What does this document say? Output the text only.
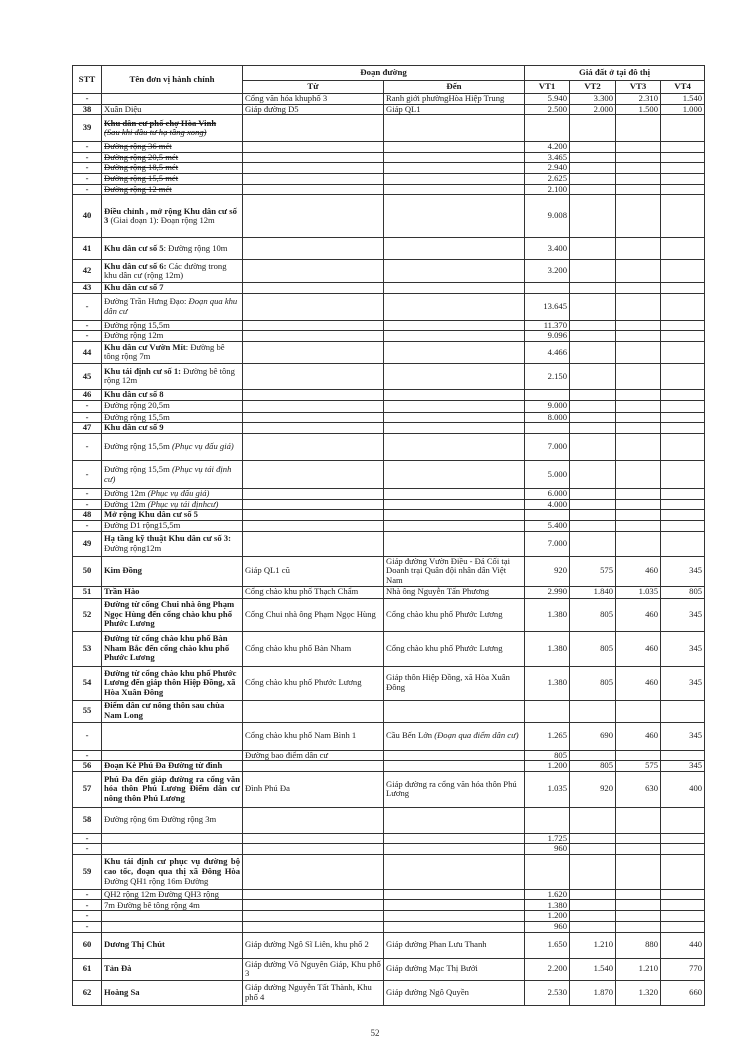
STT	Tên đơn vị hành chính	Đoạn đường		Giá đất ở tại đô thị			
		Từ	Đến	VT1	VT2	VT3	VT4
-		Cổng văn hóa khuphố 3	Ranh giới phườngHòa Hiệp Trung	5.940	3.300	2.310	1.540
38	Xuân Diệu	Giáp đường D5	Giáp QL1	2.500	2.000	1.500	1.000
39	Khu dân cư phố chợ Hòa Vinh
(Sau khi đầu tư hạ tầng xong)						
-	Đường rộng 36 mét			4.200			
-	Đường rộng 20,5 mét			3.465			
-	Đường rộng 18,5 mét			2.940			
-	Đường rộng 15,5 mét			2.625			
-	Đường rộng 12 mét			2.100			
40	Điều chỉnh , mở rộng Khu dân cư số 3 (Giai đoạn 1): Đoạn rộng 12m			9.008			
41	Khu dân cư số 5: Đường rộng 10m			3.400			
42	Khu dân cư số 6: Các đường trong khu dân cư (rộng 12m)			3.200			
43	Khu dân cư số 7						
-	Đường Trần Hưng Đạo: Đoạn qua khu dân cư			13.645			
-	Đường rộng 15,5m			11.370			
-	Đường rộng 12m			9.096			
44	Khu dân cư Vườn Mít: Đường bê tông rộng 7m			4.466			
45	Khu tái định cư số 1: Đường bê tông rộng 12m			2.150			
46	Khu dân cư số 8						
-	Đường rộng 20,5m			9.000			
-	Đường rộng 15,5m			8.000			
47	Khu dân cư số 9						
-	Đường rộng 15,5m (Phục vụ đấu giá)			7.000			
-	Đường rộng 15,5m (Phục vụ tái định cư)			5.000			
-	Đường 12m (Phục vụ đấu giá)			6.000			
-	Đường 12m (Phục vụ tái địnhcư)			4.000			
48	Mở rộng Khu dân cư số 5						
-	Đường D1 rộng15,5m			5.400			
49	Hạ tầng kỹ thuật Khu dân cư số 3: Đường rộng12m			7.000			
50	Kim Đồng	Giáp QL1 cũ	Giáp đường Vườn Điều - Đá Cối tại Doanh trại Quân đội nhân dân Việt Nam	920	575	460	345
51	Trần Hào	Cổng chào khu phố Thạch Chẩm	Nhà ông Nguyễn Tấn Phương	2.990	1.840	1.035	805
52	Đường từ cống Chui nhà ông Phạm Ngọc Hùng đến cổng chào khu phố Phước Lương	Cống Chui nhà ông Phạm Ngọc Hùng	Cổng chào khu phố Phước Lương	1.380	805	460	345
53	Đường từ cổng chào khu phố Bàn Nham Bắc đến cổng chào khu phố Phước Lương	Cổng chào khu phố Bàn Nham	Cổng chào khu phố Phước Lương	1.380	805	460	345
54	Đường từ cổng chào khu phố Phước Lương đến giáp thôn Hiệp Đồng, xã Hòa Xuân Đông	Cổng chào khu phố Phước Lương	Giáp thôn Hiệp Đồng, xã Hòa Xuân Đông	1.380	805	460	345
55	Điểm dân cư nông thôn sau chùa Nam Long						
-		Cổng chào khu phố Nam Bình 1	Cầu Bến Lớn (Đoạn qua điểm dân cư)	1.265	690	460	345
-		Đường bao điểm dân cư		805			
56	Đoạn Kè Phú Đa Đường từ đình			1.200	805	575	345
57	Phú Đa đến giáp đường ra cổng văn hóa thôn Phú Lương Điểm dân cư nông thôn Phú Lương	Đình Phú Đa	Giáp đường ra cổng văn hóa thôn Phú Lương	1.035	920	630	400
58	Đường rộng 6m Đường rộng 3m						
-				1.725			
-				960			
59	Khu tái định cư phục vụ đường bộ cao tốc, đoạn qua thị xã Đông Hòa Đường QH1 rộng 16m Đường						
-	QH2 rộng 12m Đường QH3 rộng			1.620			
-	7m Đường bê tông rộng 4m			1.380			
-				1.200			
-				960			
60	Dương Thị Chút	Giáp đường Ngô Sĩ Liên, khu phố 2	Giáp đường Phan Lưu Thanh	1.650	1.210	880	440
61	Tản Đà	Giáp đường Võ Nguyên Giáp, Khu phố 3	Giáp đường Mạc Thị Bưởi	2.200	1.540	1.210	770
62	Hoàng Sa	Giáp đường Nguyễn Tất Thành, Khu phố 4	Giáp đường Ngô Quyền	2.530	1.870	1.320	660
52
